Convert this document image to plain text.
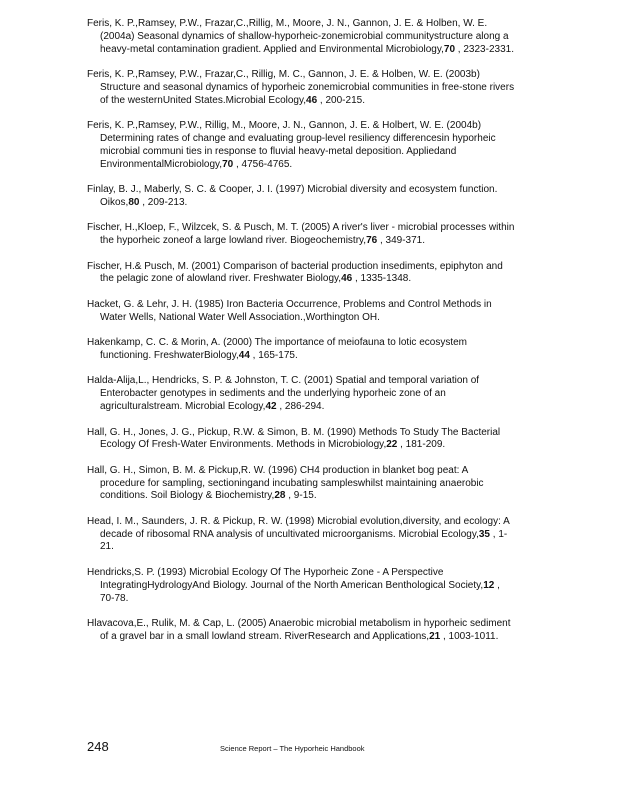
Feris, K. P.,Ramsey, P.W., Frazar,C.,Rillig, M., Moore, J. N., Gannon, J. E. & Holben, W. E. (2004a) Seasonal dynamics of shallow-hyporheic-zonemicrobial communitystructure along a heavy-metal contamination gradient. Applied and Environmental Microbiology,70 , 2323-2331.

Feris, K. P.,Ramsey, P.W., Frazar,C., Rillig, M. C., Gannon, J. E. & Holben, W. E. (2003b) Structure and seasonal dynamics of hyporheic zonemicrobial communities in free-stone rivers of the westernUnited States.Microbial Ecology,46 , 200-215.

Feris, K. P.,Ramsey, P.W., Rillig, M., Moore, J. N., Gannon, J. E. & Holbert, W. E. (2004b) Determining rates of change and evaluating group-level resiliency differencesin hyporheic microbial communi ties in response to fluvial heavy-metal deposition. Appliedand EnvironmentalMicrobiology,70 , 4756-4765.

Finlay, B. J., Maberly, S. C. & Cooper, J. I. (1997) Microbial diversity and ecosystem function. Oikos,80 , 209-213.

Fischer, H.,Kloep, F., Wilzcek, S. & Pusch, M. T. (2005) A river's liver - microbial processes within the hyporheic zoneof a large lowland river. Biogeochemistry,76 , 349-371.

Fischer, H.& Pusch, M. (2001) Comparison of bacterial production insediments, epiphyton and the pelagic zone of alowland river. Freshwater Biology,46 , 1335-1348.

Hacket, G. & Lehr, J. H. (1985) Iron Bacteria Occurrence, Problems and Control Methods in Water Wells, National Water Well Association.,Worthington OH.

Hakenkamp, C. C. & Morin, A. (2000) The importance of meiofauna to lotic ecosystem functioning. FreshwaterBiology,44 , 165-175.

Halda-Alija,L., Hendricks, S. P. & Johnston, T. C. (2001) Spatial and temporal variation of Enterobacter genotypes in sediments and the underlying hyporheic zone of an agriculturalstream. Microbial Ecology,42 , 286-294.

Hall, G. H., Jones, J. G., Pickup, R.W. & Simon, B. M. (1990) Methods To Study The Bacterial Ecology Of Fresh-Water Environments. Methods in Microbiology,22 , 181-209.

Hall, G. H., Simon, B. M. & Pickup,R. W. (1996) CH4 production in blanket bog peat: A procedure for sampling, sectioningand incubating sampleswhilst maintaining anaerobic conditions. Soil Biology & Biochemistry,28 , 9-15.

Head, I. M., Saunders, J. R. & Pickup, R. W. (1998) Microbial evolution,diversity, and ecology: A decade of ribosomal RNA analysis of uncultivated microorganisms. Microbial Ecology,35 , 1-21.

Hendricks,S. P. (1993) Microbial Ecology Of The Hyporheic Zone - A Perspective IntegratingHydrologyAnd Biology. Journal of the North American Benthological Society,12 , 70-78.

Hlavacova,E., Rulik, M. & Cap, L. (2005) Anaerobic microbial metabolism in hyporheic sediment of a gravel bar in a small lowland stream. RiverResearch and Applications,21 , 1003-1011.

248	Science Report – The Hyporheic Handbook
